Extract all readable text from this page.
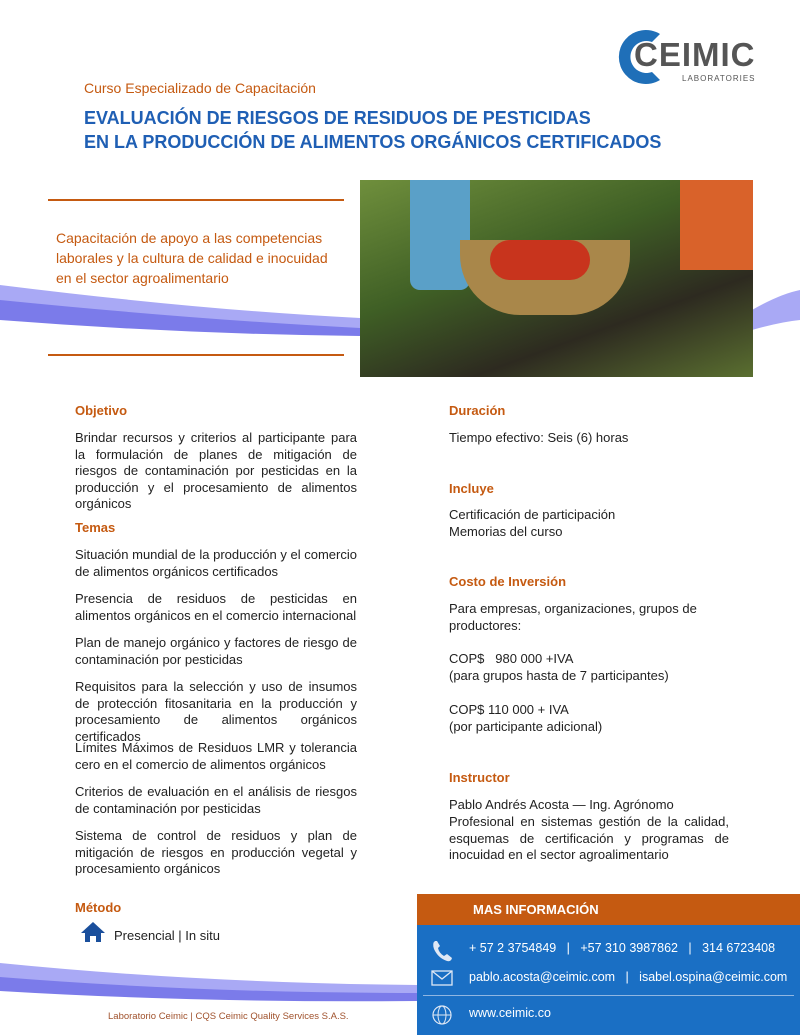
CEIMIC
LABORATORIES
Curso Especializado de Capacitación
EVALUACIÓN DE RIESGOS DE RESIDUOS DE PESTICIDAS
EN LA PRODUCCIÓN DE ALIMENTOS ORGÁNICOS CERTIFICADOS
Capacitación de apoyo a las competencias laborales y la cultura de calidad e inocuidad en el sector agroalimentario
Objetivo
Brindar recursos y criterios al participante para la formulación de planes de mitigación de riesgos de contaminación por pesticidas en la producción y el procesamiento de alimentos orgánicos
Temas
Situación mundial de la producción y el comercio de alimentos orgánicos certificados
Presencia de residuos de pesticidas en alimentos orgánicos en el comercio internacional
Plan de manejo orgánico y factores de riesgo de contaminación por pesticidas
Requisitos para la selección y uso de insumos de protección fitosanitaria en la producción y procesamiento de alimentos orgánicos certificados
Límites Máximos de Residuos LMR y tolerancia cero en el comercio de alimentos orgánicos
Criterios de evaluación en el análisis de riesgos de contaminación por pesticidas
Sistema de control de residuos y plan de mitigación de riesgos en producción vegetal y procesamiento orgánicos
Método
Presencial | In situ
Laboratorio Ceimic | CQS Ceimic Quality Services S.A.S.
Duración
Tiempo efectivo: Seis (6) horas
Incluye
Certificación de participación
Memorias del curso
Costo de Inversión
Para empresas, organizaciones, grupos de productores:
COP$   980 000 +IVA
(para grupos hasta de 7 participantes)
COP$ 110 000 + IVA
(por participante adicional)
Instructor
Pablo Andrés Acosta — Ing. Agrónomo
Profesional en sistemas gestión de la calidad, esquemas de certificación y programas de inocuidad en el sector agroalimentario
+ 57 2 3754849   |   +57 310 3987862   |   314 6723408
pablo.acosta@ceimic.com   |   isabel.ospina@ceimic.com
www.ceimic.co
MAS INFORMACIÓN
